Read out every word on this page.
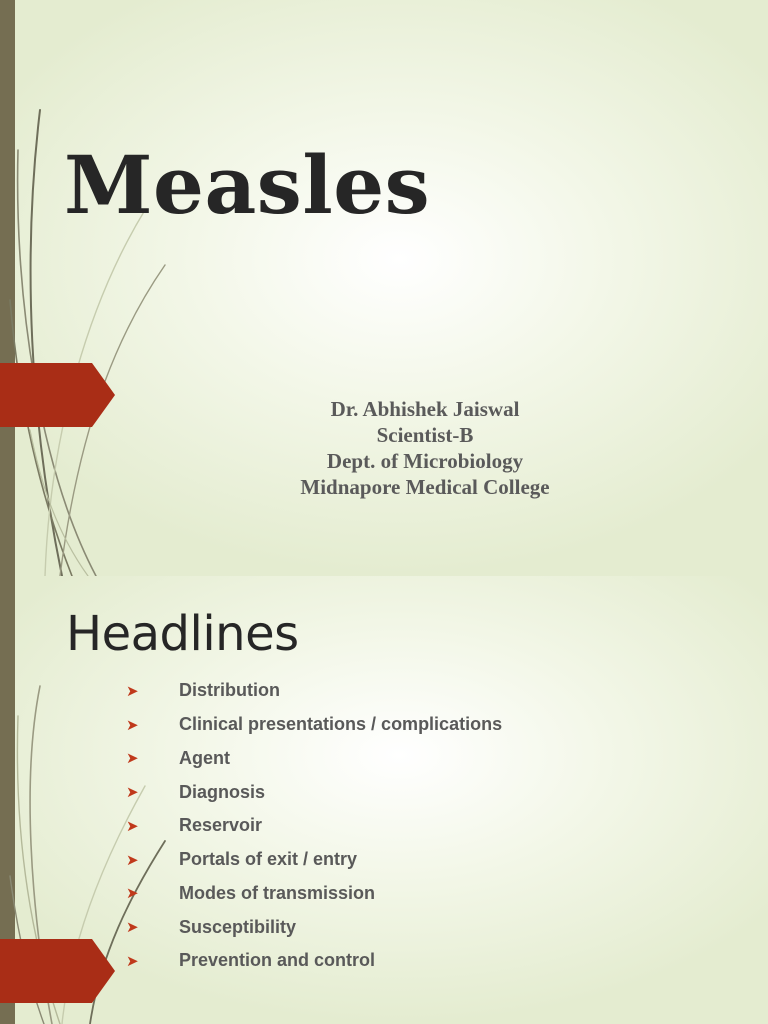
Measles
Dr. Abhishek Jaiswal
Scientist-B
Dept. of Microbiology
Midnapore Medical College
Headlines
➤	Distribution
➤	Clinical presentations / complications
➤	Agent
➤	Diagnosis
➤	Reservoir
➤	Portals of exit / entry
➤	Modes of transmission
➤	Susceptibility
➤	Prevention and control
